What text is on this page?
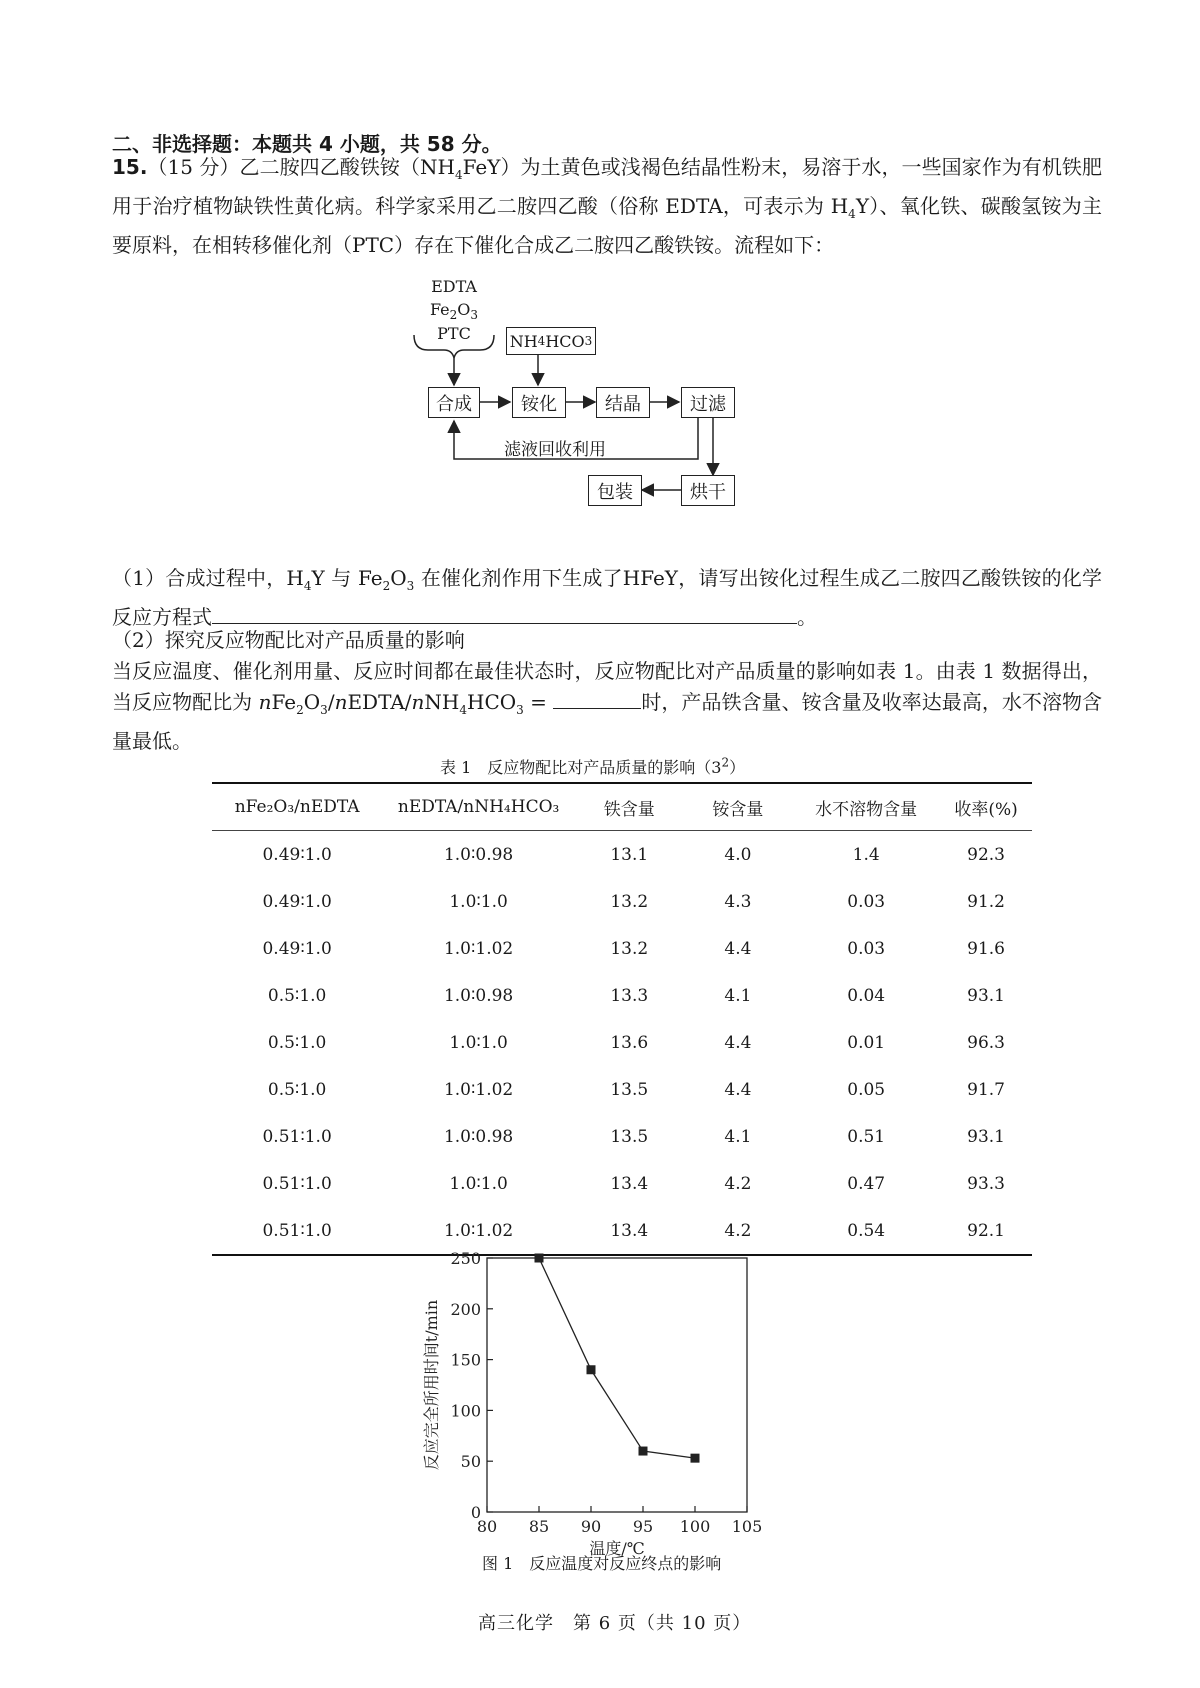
二、非选择题：本题共 4 小题，共 58 分。
15.（15 分）乙二胺四乙酸铁铵$(NH_4FeY)$为土黄色或浅褐色结晶性粉末，易溶于水，一些国家作为有机铁肥用于治疗植物缺铁性黄化病。科学家采用乙二胺四乙酸（俗称 EDTA，可表示为 $H_4Y$）、氧化铁、碳酸氢铵为主要原料，在相转移催化剂（PTC）存在下催化合成乙二胺四乙酸铁铵。流程如下：
EDTA
$Fe_2O_3$
PTC	NH 4 HCO 3
合成	铵化	结晶	过滤
烘干
包装
滤液回收利用
（1）合成过程中，$H_4Y$ 与 $Fe_2O_3$ 在催化剂作用下生成了HFeY，请写出铵化过程生成乙二胺四乙酸铁铵的化学反应方程式	。
（2）探究反应物配比对产品质量的影响
当反应温度、催化剂用量、反应时间都在最佳状态时，反应物配比对产品质量的影响如表 1。由表 1 数据得出，当反应物配比为 $nFe_2O_3/nEDTA/nNH_4HCO_3$ =	时，产品铁含量、铵含量及收率达最高，水不溶物含量最低。
表 1　反应物配比对产品质量的影响$(3^2)$
nFe₂O₃/nEDTA	nEDTA/nNH₄HCO₃	铁含量	铵含量	水不溶物含量	收率(%)
0.49∶1.0	1.0∶0.98	13.1	4.0	1.4	92.3
0.49∶1.0	1.0∶1.0	13.2	4.3	0.03	91.2
0.49∶1.0	1.0∶1.02	13.2	4.4	0.03	91.6
0.5∶1.0	1.0∶0.98	13.3	4.1	0.04	93.1
0.5∶1.0	1.0∶1.0	13.6	4.4	0.01	96.3
0.5∶1.0	1.0∶1.02	13.5	4.4	0.05	91.7
0.51∶1.0	1.0∶0.98	13.5	4.1	0.51	93.1
0.51∶1.0	1.0∶1.0	13.4	4.2	0.47	93.3
0.51∶1.0	1.0∶1.02	13.4	4.2	0.54	92.1
80 85 90 95 100 105
0
50
100
150
200
250
温度/℃
反应完全所用时间t/min
图 1　反应温度对反应终点的影响
高三化学　第 6 页（共 10 页）
